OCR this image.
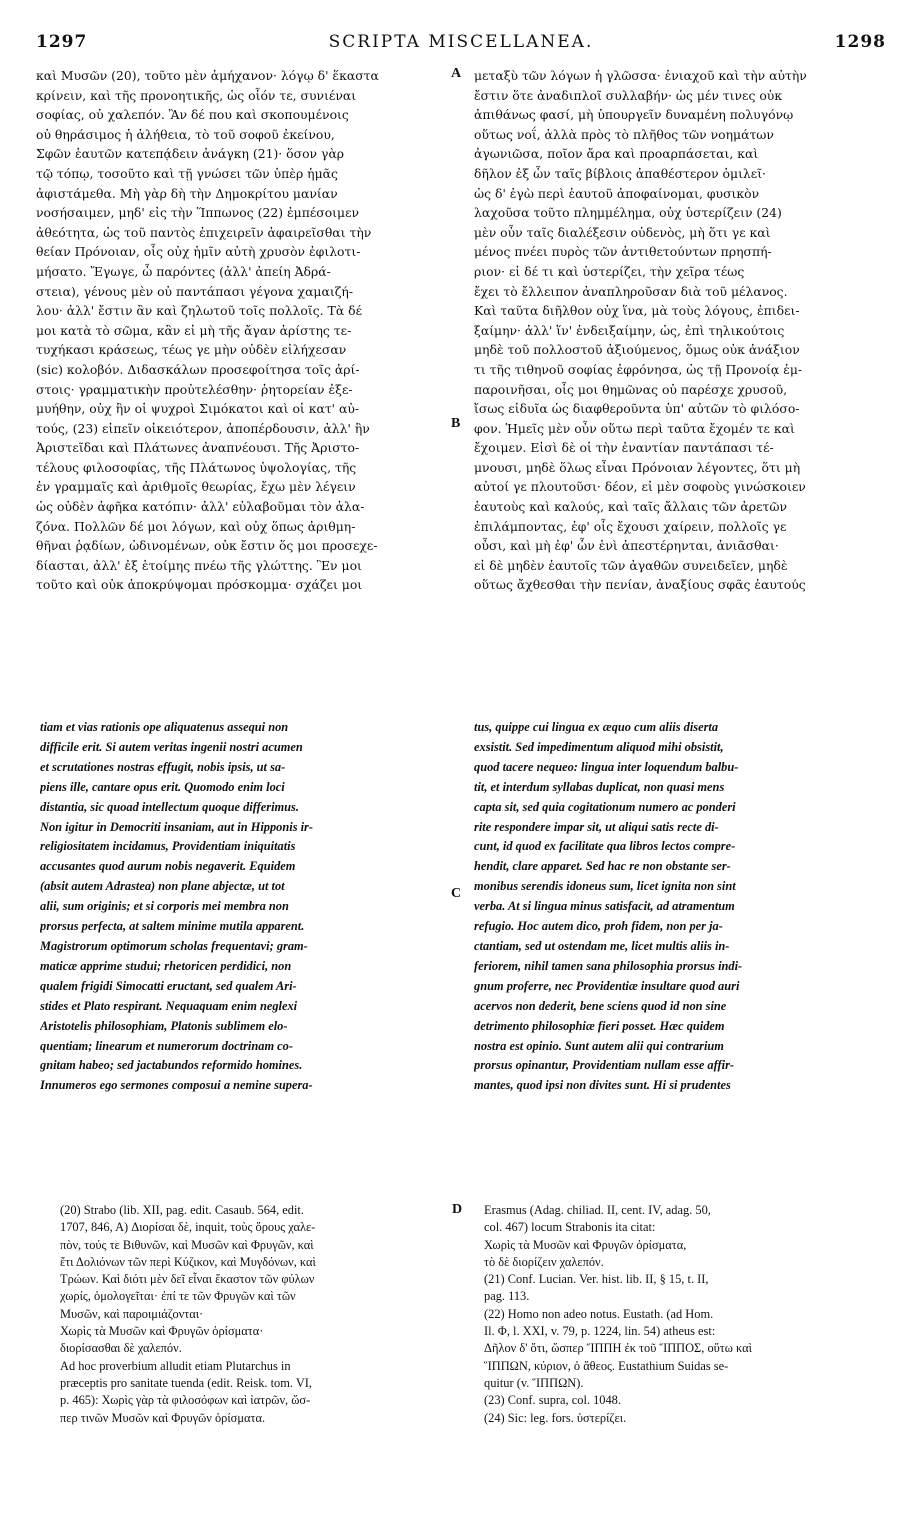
1297	SCRIPTA MISCELLANEA.	1298
A
B
C
D
καὶ Μυσῶν (20), τοῦτο μὲν ἀμήχανον· λόγῳ δ' ἕκαστα
κρίνειν, καὶ τῆς προνοητικῆς, ὡς οἷόν τε, συνιέναι
σοφίας, οὐ χαλεπόν. Ἂν δέ που καὶ σκοπουμένοις
οὐ θηράσιμος ἡ ἀλήθεια, τὸ τοῦ σοφοῦ ἐκείνου,
Σφῶν ἑαυτῶν κατεπᾴδειν ἀνάγκη (21)· ὅσον γὰρ
τῷ τόπῳ, τοσοῦτο καὶ τῇ γνώσει τῶν ὑπὲρ ἡμᾶς
ἀφιστάμεθα. Μὴ γὰρ δὴ τὴν Δημοκρίτου μανίαν
νοσήσαιμεν, μηδ' εἰς τὴν Ἵππωνος (22) ἐμπέσοιμεν
ἀθεότητα, ὡς τοῦ παντὸς ἐπιχειρεῖν ἀφαιρεῖσθαι τὴν
θείαν Πρόνοιαν, οἷς οὐχ ἡμῖν αὐτὴ χρυσὸν ἐφιλοτι-
μήσατο. Ἔγωγε, ὦ παρόντες (ἀλλ' ἀπείη Ἀδρά-
στεια), γένους μὲν οὐ παντάπασι γέγονα χαμαιζή-
λου· ἀλλ' ἔστιν ἂν καὶ ζηλωτοῦ τοῖς πολλοῖς. Τὰ δέ
μοι κατὰ τὸ σῶμα, κἂν εἰ μὴ τῆς ἄγαν ἀρίστης τε-
τυχήκασι κράσεως, τέως γε μὴν οὐδὲν εἰλήχεσαν
(sic) κολοβόν. Διδασκάλων προσεφοίτησα τοῖς ἀρί-
στοις· γραμματικὴν προὐτελέσθην· ῥητορείαν ἐξε-
μυήθην, οὐχ ἣν οἱ ψυχροὶ Σιμόκατοι καὶ οἱ κατ' αὐ-
τούς, (23) εἰπεῖν οἰκειότερον, ἀποπέρδουσιν, ἀλλ' ἣν
Ἀριστεῖδαι καὶ Πλάτωνες ἀναπνέουσι. Τῆς Ἀριστο-
τέλους φιλοσοφίας, τῆς Πλάτωνος ὑψολογίας, τῆς
ἐν γραμμαῖς καὶ ἀριθμοῖς θεωρίας, ἔχω μὲν λέγειν
ὡς οὐδὲν ἀφῆκα κατόπιν· ἀλλ' εὐλαβοῦμαι τὸν ἀλα-
ζόνα. Πολλῶν δέ μοι λόγων, καὶ οὐχ ὅπως ἀριθμη-
θῆναι ῥᾳδίων, ὠδινομένων, οὐκ ἔστιν ὅς μοι προσεχε-
δίασται, ἀλλ' ἐξ ἑτοίμης πνέω τῆς γλώττης. Ἓν μοι
τοῦτο καὶ οὐκ ἀποκρύψομαι πρόσκομμα· σχάζει μοι
μεταξὺ τῶν λόγων ἡ γλῶσσα· ἐνιαχοῦ καὶ τὴν αὐτὴν
ἔστιν ὅτε ἀναδιπλοῖ συλλαβήν· ὡς μέν τινες οὐκ
ἀπιθάνως φασί, μὴ ὑπουργεῖν δυναμένη πολυγόνῳ
οὕτως νοΐ, ἀλλὰ πρὸς τὸ πλῆθος τῶν νοημάτων
ἀγωνιῶσα, ποῖον ἄρα καὶ προαρπάσεται, καὶ
δῆλον ἐξ ὧν ταῖς βίβλοις ἀπαθέστερον ὁμιλεῖ·
ὡς δ' ἐγὼ περὶ ἑαυτοῦ ἀποφαίνομαι, φυσικὸν
λαχοῦσα τοῦτο πλημμέλημα, οὐχ ὑστερίζειν (24)
μὲν οὖν ταῖς διαλέξεσιν οὐδενὸς, μὴ ὅτι γε καὶ
μένος πνέει πυρὸς τῶν ἀντιθετούντων πρησπή-
ριον· εἰ δέ τι καὶ ὑστερίζει, τὴν χεῖρα τέως
ἔχει τὸ ἔλλειπον ἀναπληροῦσαν διὰ τοῦ μέλανος.
Καὶ ταῦτα διῆλθον οὐχ ἵνα, μὰ τοὺς λόγους, ἐπιδει-
ξαίμην· ἀλλ' ἵν' ἐνδειξαίμην, ὡς, ἐπὶ τηλικούτοις
μηδὲ τοῦ πολλοστοῦ ἀξιούμενος, ὅμως οὐκ ἀνάξιον
τι τῆς τιθηνοῦ σοφίας ἐφρόνησα, ὡς τῇ Προνοίᾳ ἐμ-
παροινῆσαι, οἷς μοι θημῶνας οὐ παρέσχε χρυσοῦ,
ἴσως εἰδυῖα ὡς διαφθεροῦντα ὑπ' αὐτῶν τὸ φιλόσο-
φον. Ἡμεῖς μὲν οὖν οὕτω περὶ ταῦτα ἔχομέν τε καὶ
ἔχοιμεν. Εἰσὶ δὲ οἱ τὴν ἐναντίαν παντάπασι τέ-
μνουσι, μηδὲ ὅλως εἶναι Πρόνοιαν λέγοντες, ὅτι μὴ
αὐτοί γε πλουτοῦσι· δέον, εἰ μὲν σοφοὺς γινώσκοιεν
ἑαυτοὺς καὶ καλούς, καὶ ταῖς ἄλλαις τῶν ἀρετῶν
ἐπιλάμποντας, ἐφ' οἷς ἔχουσι χαίρειν, πολλοῖς γε
οὖσι, καὶ μὴ ἐφ' ὧν ἑνὶ ἀπεστέρηνται, ἀνιᾶσθαι·
εἰ δὲ μηδὲν ἑαυτοῖς τῶν ἀγαθῶν συνειδεῖεν, μηδὲ
οὕτως ἄχθεσθαι τὴν πενίαν, ἀναξίους σφᾶς ἑαυτούς
tiam et vias rationis ope aliquatenus assequi non
difficile erit. Si autem veritas ingenii nostri acumen
et scrutationes nostras effugit, nobis ipsis, ut sa-
piens ille, cantare opus erit. Quomodo enim loci
distantia, sic quoad intellectum quoque differimus.
Non igitur in Democriti insaniam, aut in Hipponis ir-
religiositatem incidamus, Providentiam iniquitatis
accusantes quod aurum nobis negaverit. Equidem
(absit autem Adrastea) non plane abjectæ, ut tot
alii, sum originis; et si corporis mei membra non
prorsus perfecta, at saltem minime mutila apparent.
Magistrorum optimorum scholas frequentavi; gram-
maticæ apprime studui; rhetoricen perdidici, non
qualem frigidi Simocatti eructant, sed qualem Ari-
stides et Plato respirant. Nequaquam enim neglexi
Aristotelis philosophiam, Platonis sublimem elo-
quentiam; linearum et numerorum doctrinam co-
gnitam habeo; sed jactabundos reformido homines.
Innumeros ego sermones composui a nemine supera-
tus, quippe cui lingua ex æquo cum aliis diserta
exsistit. Sed impedimentum aliquod mihi obsistit,
quod tacere nequeo: lingua inter loquendum balbu-
tit, et interdum syllabas duplicat, non quasi mens
capta sit, sed quia cogitationum numero ac ponderi
rite respondere impar sit, ut aliqui satis recte di-
cunt, id quod ex facilitate qua libros lectos compre-
hendit, clare apparet. Sed hac re non obstante ser-
monibus serendis idoneus sum, licet ignita non sint
verba. At si lingua minus satisfacit, ad atramentum
refugio. Hoc autem dico, proh fidem, non per ja-
ctantiam, sed ut ostendam me, licet multis aliis in-
feriorem, nihil tamen sana philosophia prorsus indi-
gnum proferre, nec Providentiæ insultare quod auri
acervos non dederit, bene sciens quod id non sine
detrimento philosophiæ fieri posset. Hæc quidem
nostra est opinio. Sunt autem alii qui contrarium
prorsus opinantur, Providentiam nullam esse affir-
mantes, quod ipsi non divites sunt. Hi si prudentes
(20) Strabo (lib. XII, pag. edit. Casaub. 564, edit.
1707, 846, A) Διορίσαι δὲ, inquit, τοὺς ὅρους χαλε-
πὸν, τούς τε Βιθυνῶν, καὶ Μυσῶν καὶ Φρυγῶν, καὶ
ἔτι Δολιόνων τῶν περὶ Κύζικον, καὶ Μυγδόνων, καὶ
Τρώων. Καὶ διότι μὲν δεῖ εἶναι ἕκαστον τῶν φύλων
χωρίς, ὁμολογεῖται· ἐπί τε τῶν Φρυγῶν καὶ τῶν
Μυσῶν, καὶ παροιμιάζονται·
Χωρὶς τὰ Μυσῶν καὶ Φρυγῶν ὁρίσματα·
διορίσασθαι δὲ χαλεπόν.
Ad hoc proverbium alludit etiam Plutarchus in
præceptis pro sanitate tuenda (edit. Reisk. tom. VI,
p. 465): Χωρὶς γὰρ τὰ φιλοσόφων καὶ ἰατρῶν, ὥσ-
περ τινῶν Μυσῶν καὶ Φρυγῶν ὁρίσματα.
Erasmus (Adag. chiliad. II, cent. IV, adag. 50,
col. 467) locum Strabonis ita citat:
Χωρὶς τὰ Μυσῶν καὶ Φρυγῶν ὁρίσματα,
τὸ δὲ διορίζειν χαλεπόν.
(21) Conf. Lucian. Ver. hist. lib. II, § 15, t. II,
pag. 113.
(22) Homo non adeo notus. Eustath. (ad Hom.
Il. Φ, l. XXI, v. 79, p. 1224, lin. 54) atheus est:
Δῆλον δ' ὅτι, ὥσπερ ἽΠΠΗ ἐκ τοῦ ἽΠΠΟΣ, οὕτω καὶ
ἽΠΠΩΝ, κύριον, ὁ ἄθεος. Eustathium Suidas se-
quitur (v. ἽΠΠΩΝ).
(23) Conf. supra, col. 1048.
(24) Sic: leg. fors. ὑστερίζει.
